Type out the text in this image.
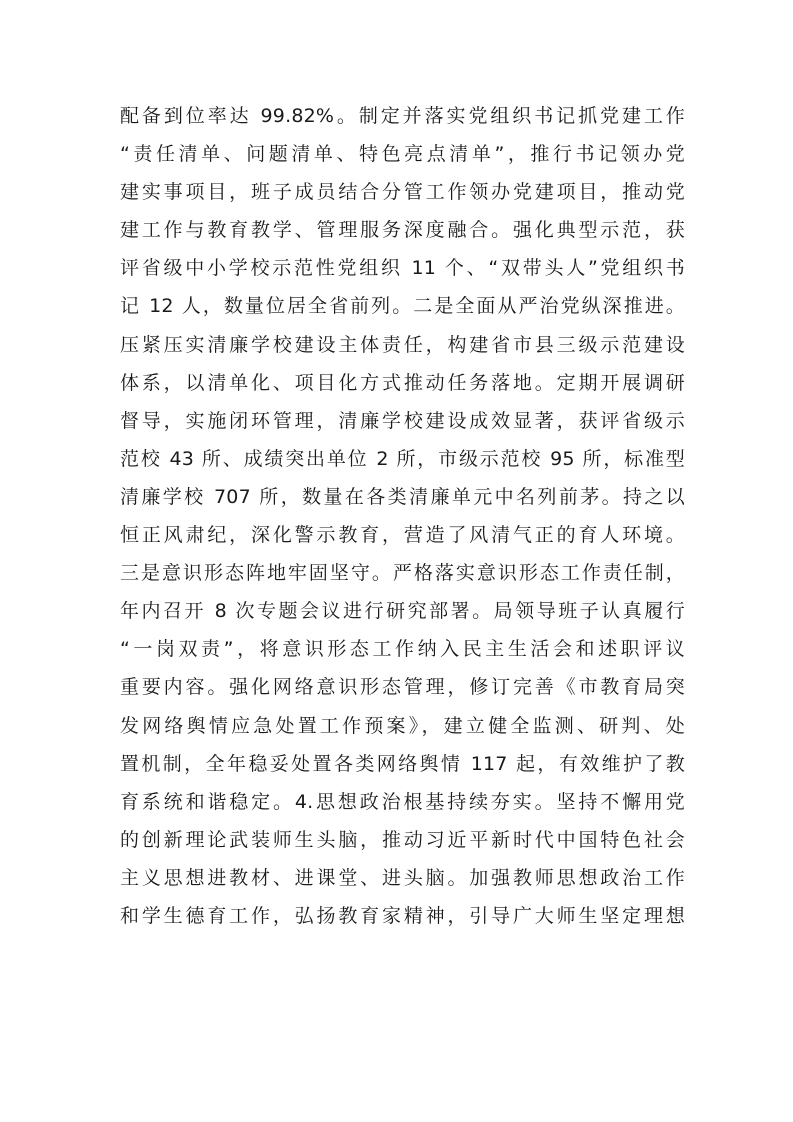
配备到位率达 99.82%。制定并落实党组织书记抓党建工作
“责任清单、问题清单、特色亮点清单”，推行书记领办党
建实事项目，班子成员结合分管工作领办党建项目，推动党
建工作与教育教学、管理服务深度融合。强化典型示范，获
评省级中小学校示范性党组织 11 个、“双带头人”党组织书
记 12 人，数量位居全省前列。二是全面从严治党纵深推进。
压紧压实清廉学校建设主体责任，构建省市县三级示范建设
体系，以清单化、项目化方式推动任务落地。定期开展调研
督导，实施闭环管理，清廉学校建设成效显著，获评省级示
范校 43 所、成绩突出单位 2 所，市级示范校 95 所，标准型
清廉学校 707 所，数量在各类清廉单元中名列前茅。持之以
恒正风肃纪，深化警示教育，营造了风清气正的育人环境。
三是意识形态阵地牢固坚守。严格落实意识形态工作责任制，
年内召开 8 次专题会议进行研究部署。局领导班子认真履行
“一岗双责”，将意识形态工作纳入民主生活会和述职评议
重要内容。强化网络意识形态管理，修订完善《市教育局突
发网络舆情应急处置工作预案》，建立健全监测、研判、处
置机制，全年稳妥处置各类网络舆情 117 起，有效维护了教
育系统和谐稳定。4.思想政治根基持续夯实。坚持不懈用党
的创新理论武装师生头脑，推动习近平新时代中国特色社会
主义思想进教材、进课堂、进头脑。加强教师思想政治工作
和学生德育工作，弘扬教育家精神，引导广大师生坚定理想
